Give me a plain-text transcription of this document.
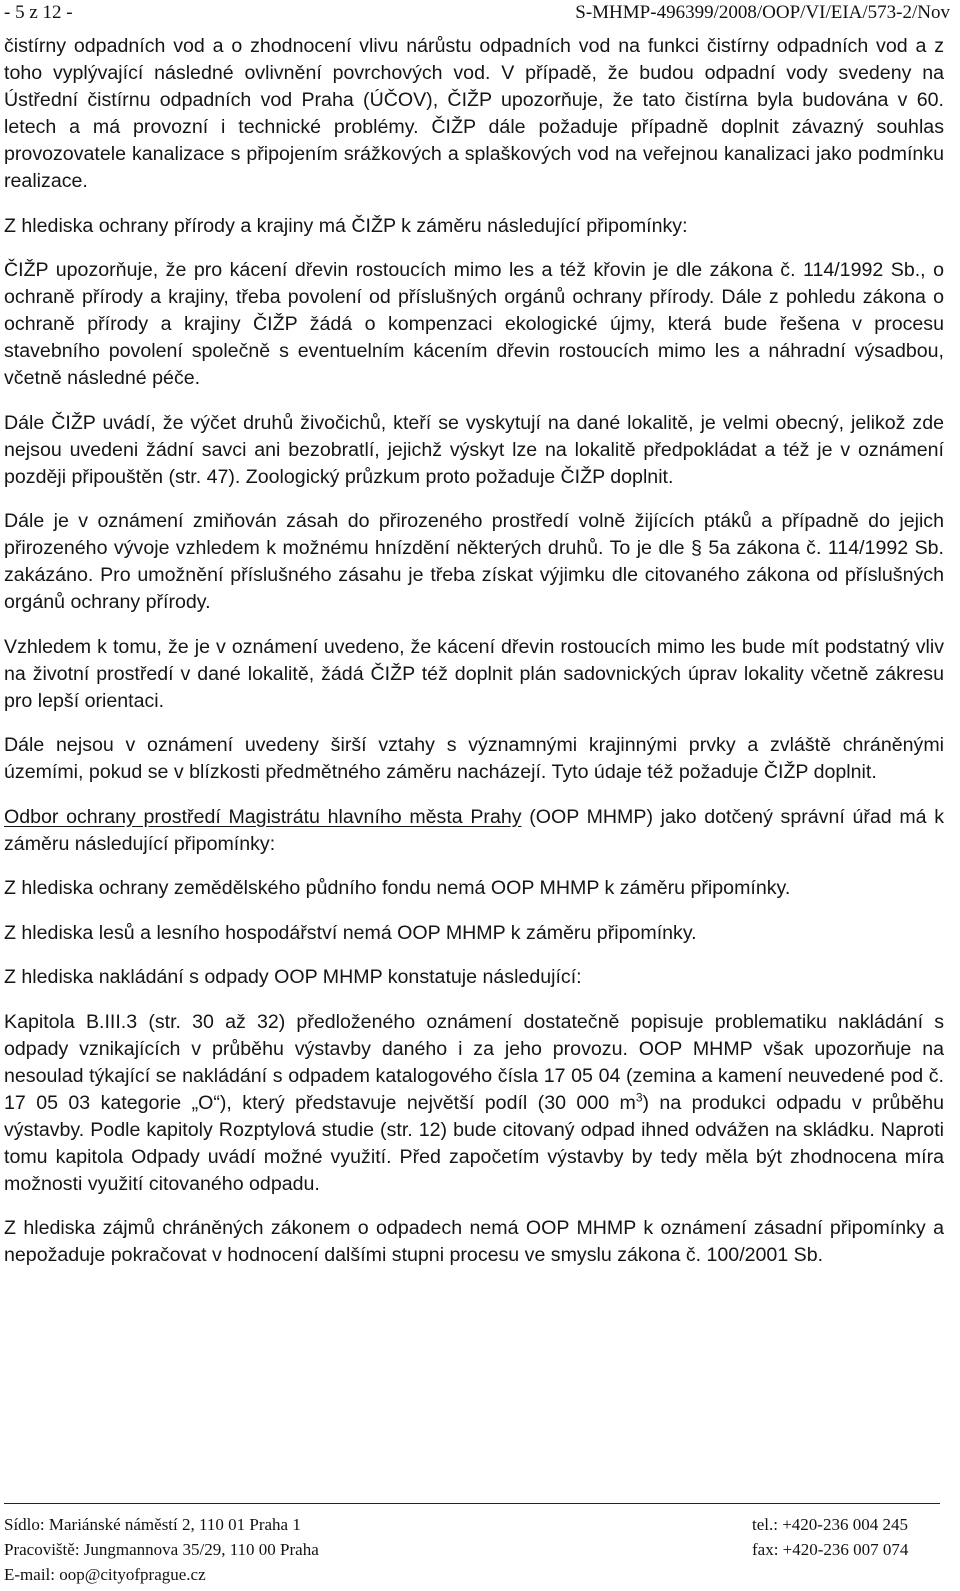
- 5 z 12 -	S-MHMP-496399/2008/OOP/VI/EIA/573-2/Nov

čistírny odpadních vod a o zhodnocení vlivu nárůstu odpadních vod na funkci čistírny odpadních vod a z toho vyplývající následné ovlivnění povrchových vod. V případě, že budou odpadní vody svedeny na Ústřední čistírnu odpadních vod Praha (ÚČOV), ČIŽP upozorňuje, že tato čistírna byla budována v 60. letech a má provozní i technické problémy. ČIŽP dále požaduje případně doplnit závazný souhlas provozovatele kanalizace s připojením srážkových a splaškových vod na veřejnou kanalizaci jako podmínku realizace.

Z hlediska ochrany přírody a krajiny má ČIŽP k záměru následující připomínky:

ČIŽP upozorňuje, že pro kácení dřevin rostoucích mimo les a též křovin je dle zákona č. 114/1992 Sb., o ochraně přírody a krajiny, třeba povolení od příslušných orgánů ochrany přírody. Dále z pohledu zákona o ochraně přírody a krajiny ČIŽP žádá o kompenzaci ekologické újmy, která bude řešena v procesu stavebního povolení společně s eventuelním kácením dřevin rostoucích mimo les a náhradní výsadbou, včetně následné péče.

Dále ČIŽP uvádí, že výčet druhů živočichů, kteří se vyskytují na dané lokalitě, je velmi obecný, jelikož zde nejsou uvedeni žádní savci ani bezobratlí, jejichž výskyt lze na lokalitě předpokládat a též je v oznámení později připouštěn (str. 47). Zoologický průzkum proto požaduje ČIŽP doplnit.

Dále je v oznámení zmiňován zásah do přirozeného prostředí volně žijících ptáků a případně do jejich přirozeného vývoje vzhledem k možnému hnízdění některých druhů. To je dle § 5a zákona č. 114/1992 Sb. zakázáno. Pro umožnění příslušného zásahu je třeba získat výjimku dle citovaného zákona od příslušných orgánů ochrany přírody.

Vzhledem k tomu, že je v oznámení uvedeno, že kácení dřevin rostoucích mimo les bude mít podstatný vliv na životní prostředí v dané lokalitě, žádá ČIŽP též doplnit plán sadovnických úprav lokality včetně zákresu pro lepší orientaci.

Dále nejsou v oznámení uvedeny širší vztahy s významnými krajinnými prvky a zvláště chráněnými územími, pokud se v blízkosti předmětného záměru nacházejí. Tyto údaje též požaduje ČIŽP doplnit.

Odbor ochrany prostředí Magistrátu hlavního města Prahy (OOP MHMP) jako dotčený správní úřad má k záměru následující připomínky:

Z hlediska ochrany zemědělského půdního fondu nemá OOP MHMP k záměru připomínky.

Z hlediska lesů a lesního hospodářství nemá OOP MHMP k záměru připomínky.

Z hlediska nakládání s odpady OOP MHMP konstatuje následující:

Kapitola B.III.3 (str. 30 až 32) předloženého oznámení dostatečně popisuje problematiku nakládání s odpady vznikajících v průběhu výstavby daného i za jeho provozu. OOP MHMP však upozorňuje na nesoulad týkající se nakládání s odpadem katalogového čísla 17 05 04 (zemina a kamení neuvedené pod č. 17 05 03 kategorie „O“), který představuje největší podíl (30 000 $m^3$) na produkci odpadu v průběhu výstavby. Podle kapitoly Rozptylová studie (str. 12) bude citovaný odpad ihned odvážen na skládku. Naproti tomu kapitola Odpady uvádí možné využití. Před započetím výstavby by tedy měla být zhodnocena míra možnosti využití citovaného odpadu.

Z hlediska zájmů chráněných zákonem o odpadech nemá OOP MHMP k oznámení zásadní připomínky a nepožaduje pokračovat v hodnocení dalšími stupni procesu ve smyslu zákona č. 100/2001 Sb.

Sídlo: Mariánské náměstí 2, 110 01 Praha 1
Pracoviště: Jungmannova 35/29, 110 00 Praha
E-mail: oop@cityofprague.cz
tel.: +420-236 004 245
fax: +420-236 007 074
